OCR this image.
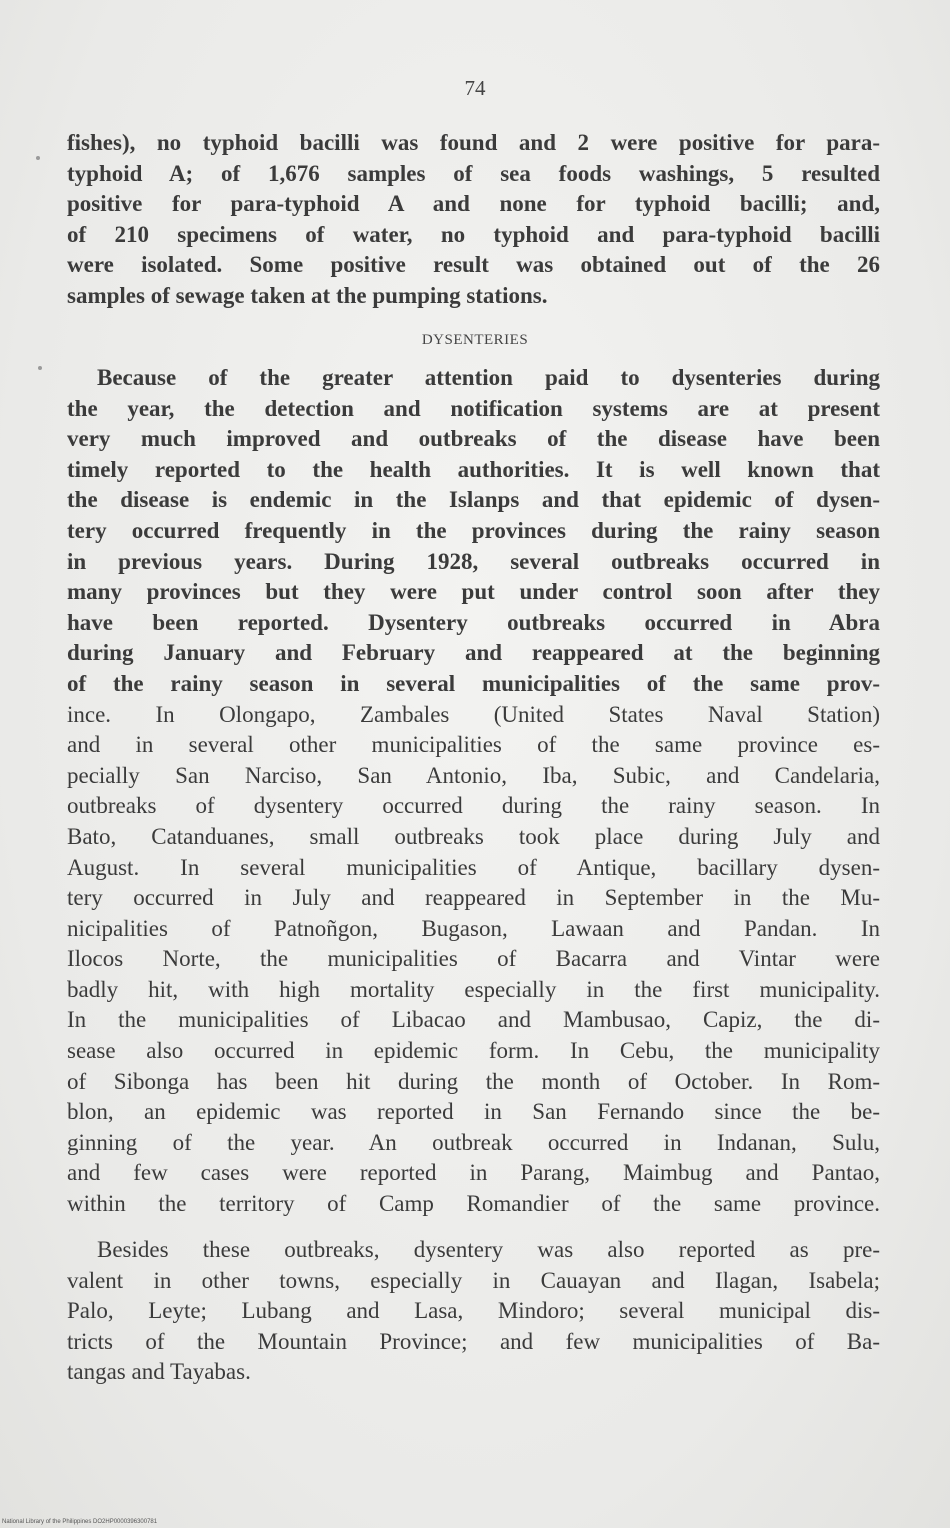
74
fishes), no typhoid bacilli was found and 2 were positive for para-
typhoid A; of 1,676 samples of sea foods washings, 5 resulted
positive for para-typhoid A and none for typhoid bacilli; and,
of 210 specimens of water, no typhoid and para-typhoid bacilli
were isolated. Some positive result was obtained out of the 26
samples of sewage taken at the pumping stations.
DYSENTERIES
Because of the greater attention paid to dysenteries during
the year, the detection and notification systems are at present
very much improved and outbreaks of the disease have been
timely reported to the health authorities. It is well known that
the disease is endemic in the Islanps and that epidemic of dysen-
tery occurred frequently in the provinces during the rainy season
in previous years. During 1928, several outbreaks occurred in
many provinces but they were put under control soon after they
have been reported. Dysentery outbreaks occurred in Abra
during January and February and reappeared at the beginning
of the rainy season in several municipalities of the same prov-
ince. In Olongapo, Zambales (United States Naval Station)
and in several other municipalities of the same province es-
pecially San Narciso, San Antonio, Iba, Subic, and Candelaria,
outbreaks of dysentery occurred during the rainy season. In
Bato, Catanduanes, small outbreaks took place during July and
August. In several municipalities of Antique, bacillary dysen-
tery occurred in July and reappeared in September in the Mu-
nicipalities of Patnoñgon, Bugason, Lawaan and Pandan. In
Ilocos Norte, the municipalities of Bacarra and Vintar were
badly hit, with high mortality especially in the first municipality.
In the municipalities of Libacao and Mambusao, Capiz, the di-
sease also occurred in epidemic form. In Cebu, the municipality
of Sibonga has been hit during the month of October. In Rom-
blon, an epidemic was reported in San Fernando since the be-
ginning of the year. An outbreak occurred in Indanan, Sulu,
and few cases were reported in Parang, Maimbug and Pantao,
within the territory of Camp Romandier of the same province.
Besides these outbreaks, dysentery was also reported as pre-
valent in other towns, especially in Cauayan and Ilagan, Isabela;
Palo, Leyte; Lubang and Lasa, Mindoro; several municipal dis-
tricts of the Mountain Province; and few municipalities of Ba-
tangas and Tayabas.
National Library of the Philippines DO2HP0000396300781
